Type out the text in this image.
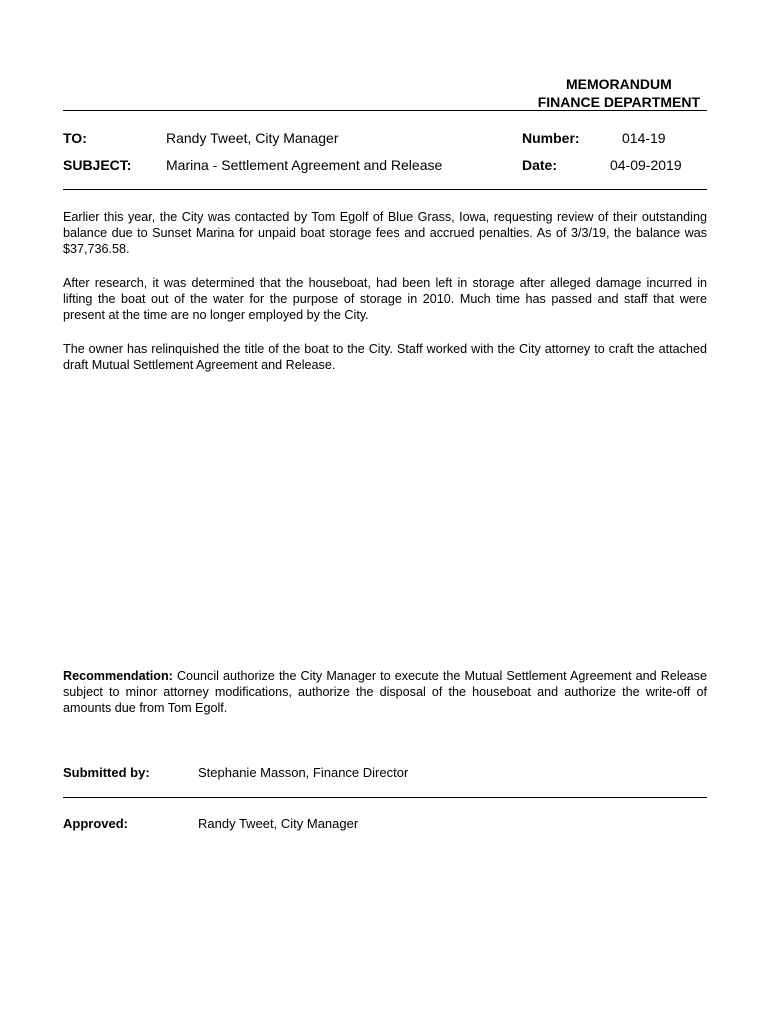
MEMORANDUM
FINANCE DEPARTMENT
TO:	Randy Tweet, City Manager	Number:	014-19
SUBJECT: Marina - Settlement Agreement and Release	Date:	04-09-2019

Earlier this year, the City was contacted by Tom Egolf of Blue Grass, Iowa, requesting review of their outstanding balance due to Sunset Marina for unpaid boat storage fees and accrued penalties. As of 3/3/19, the balance was $37,736.58.

After research, it was determined that the houseboat, had been left in storage after alleged damage incurred in lifting the boat out of the water for the purpose of storage in 2010. Much time has passed and staff that were present at the time are no longer employed by the City.

The owner has relinquished the title of the boat to the City. Staff worked with the City attorney to craft the attached draft Mutual Settlement Agreement and Release.

Recommendation: Council authorize the City Manager to execute the Mutual Settlement Agreement and Release subject to minor attorney modifications, authorize the disposal of the houseboat and authorize the write-off of amounts due from Tom Egolf.

Submitted by:	Stephanie Masson, Finance Director
Approved:	Randy Tweet, City Manager
